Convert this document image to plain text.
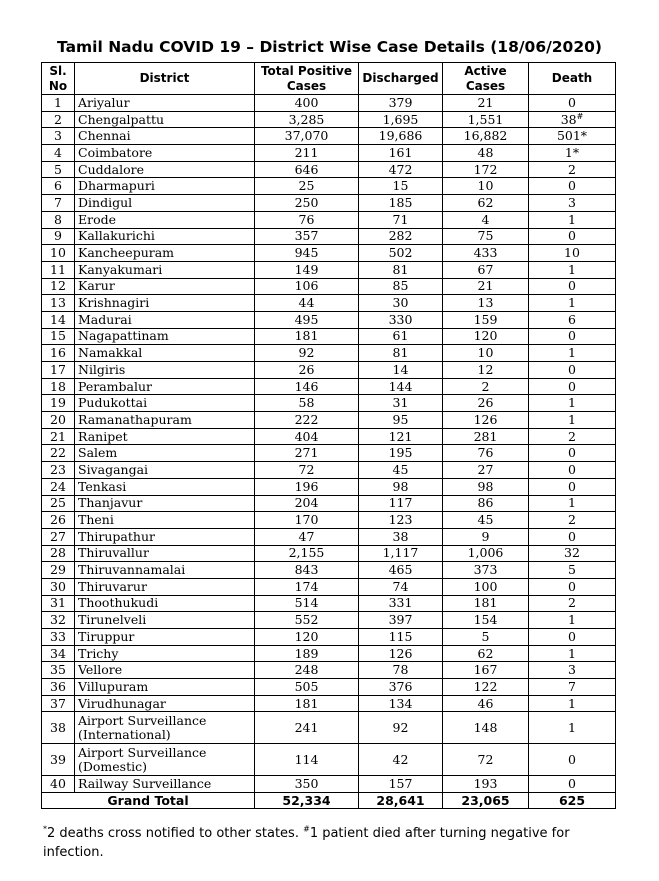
Tamil Nadu COVID 19 – District Wise Case Details (18/06/2020)
Sl. No	District	Total Positive Cases	Discharged	Active Cases	Death
1	Ariyalur	400	379	21	0
2	Chengalpattu	3,285	1,695	1,551	38#
3	Chennai	37,070	19,686	16,882	501*
4	Coimbatore	211	161	48	1*
5	Cuddalore	646	472	172	2
6	Dharmapuri	25	15	10	0
7	Dindigul	250	185	62	3
8	Erode	76	71	4	1
9	Kallakurichi	357	282	75	0
10	Kancheepuram	945	502	433	10
11	Kanyakumari	149	81	67	1
12	Karur	106	85	21	0
13	Krishnagiri	44	30	13	1
14	Madurai	495	330	159	6
15	Nagapattinam	181	61	120	0
16	Namakkal	92	81	10	1
17	Nilgiris	26	14	12	0
18	Perambalur	146	144	2	0
19	Pudukottai	58	31	26	1
20	Ramanathapuram	222	95	126	1
21	Ranipet	404	121	281	2
22	Salem	271	195	76	0
23	Sivagangai	72	45	27	0
24	Tenkasi	196	98	98	0
25	Thanjavur	204	117	86	1
26	Theni	170	123	45	2
27	Thirupathur	47	38	9	0
28	Thiruvallur	2,155	1,117	1,006	32
29	Thiruvannamalai	843	465	373	5
30	Thiruvarur	174	74	100	0
31	Thoothukudi	514	331	181	2
32	Tirunelveli	552	397	154	1
33	Tiruppur	120	115	5	0
34	Trichy	189	126	62	1
35	Vellore	248	78	167	3
36	Villupuram	505	376	122	7
37	Virudhunagar	181	134	46	1
38	Airport Surveillance (International)	241	92	148	1
39	Airport Surveillance (Domestic)	114	42	72	0
40	Railway Surveillance	350	157	193	0
Grand Total		52,334	28,641	23,065	625
*2 deaths cross notified to other states. #1 patient died after turning negative for infection.
